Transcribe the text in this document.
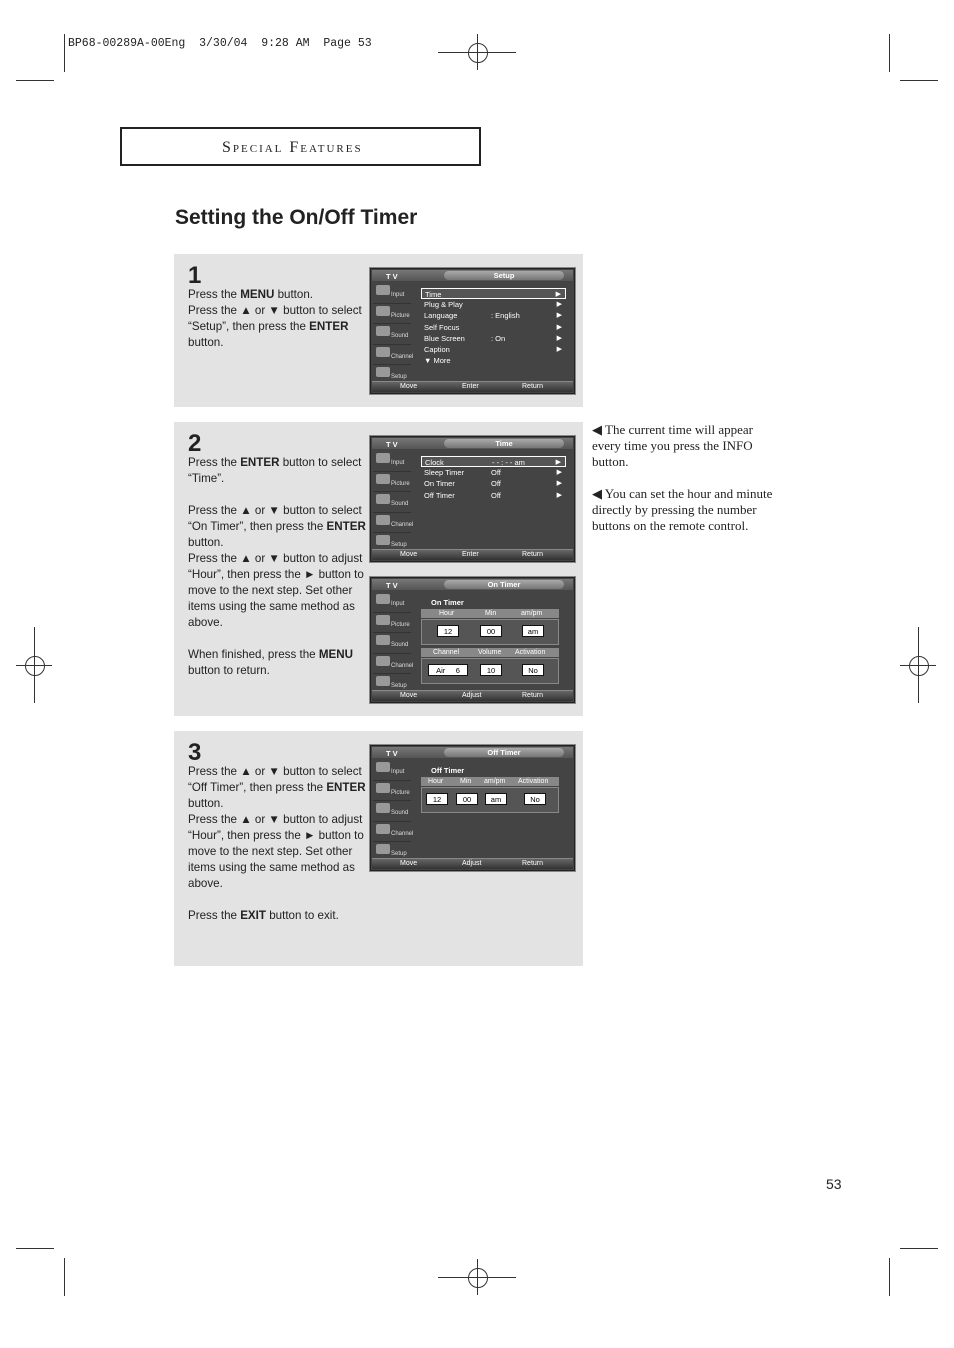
BP68-00289A-00Eng  3/30/04  9:28 AM  Page 53
Special Features
Setting the On/Off Timer
1

Press the MENU button.
Press the ▲ or ▼ button to select “Setup”, then press the ENTER button.

T V	Setup
Input
Picture
Sound
Channel
Setup
Time	▶
Plug & Play	▶
Language	: English	▶
Self Focus	▶
Blue Screen	: On	▶
Caption	▶
▼ More
Move	Enter	Return
2

Press the ENTER button to select “Time”.

Press the ▲ or ▼ button to select “On Timer”, then press the ENTER button.
Press the ▲ or ▼ button to adjust “Hour”, then press the ► button to move to the next step. Set other items using the same method as above.

When finished, press the MENU button to return.

T V	Time
Input
Picture
Sound
Channel
Setup
Clock	- - : - - am	▶
Sleep Timer	Off	▶
On Timer	Off	▶
Off Timer	Off	▶
Move	Enter	Return
T V	On Timer
Input
Picture
Sound
Channel
Setup
On Timer
Hour	Min	am/pm
12	00	am
Channel	Volume Activation
Air     6	10	No
Move	Adjust	Return
3

Press the ▲ or ▼ button to select “Off Timer”, then press the ENTER button.
Press the ▲ or ▼ button to adjust “Hour”, then press the ► button to move to the next step. Set other items using the same method as above.

Press the EXIT button to exit.

T V	Off Timer
Input
Picture
Sound
Channel
Setup
Off Timer
Hour Min am/pm Activation
12	00	am	No
Move	Adjust	Return

◀ The current time will appear every time you press the INFO button.

◀ You can set the hour and minute directly by pressing the number buttons on the remote control.

53
